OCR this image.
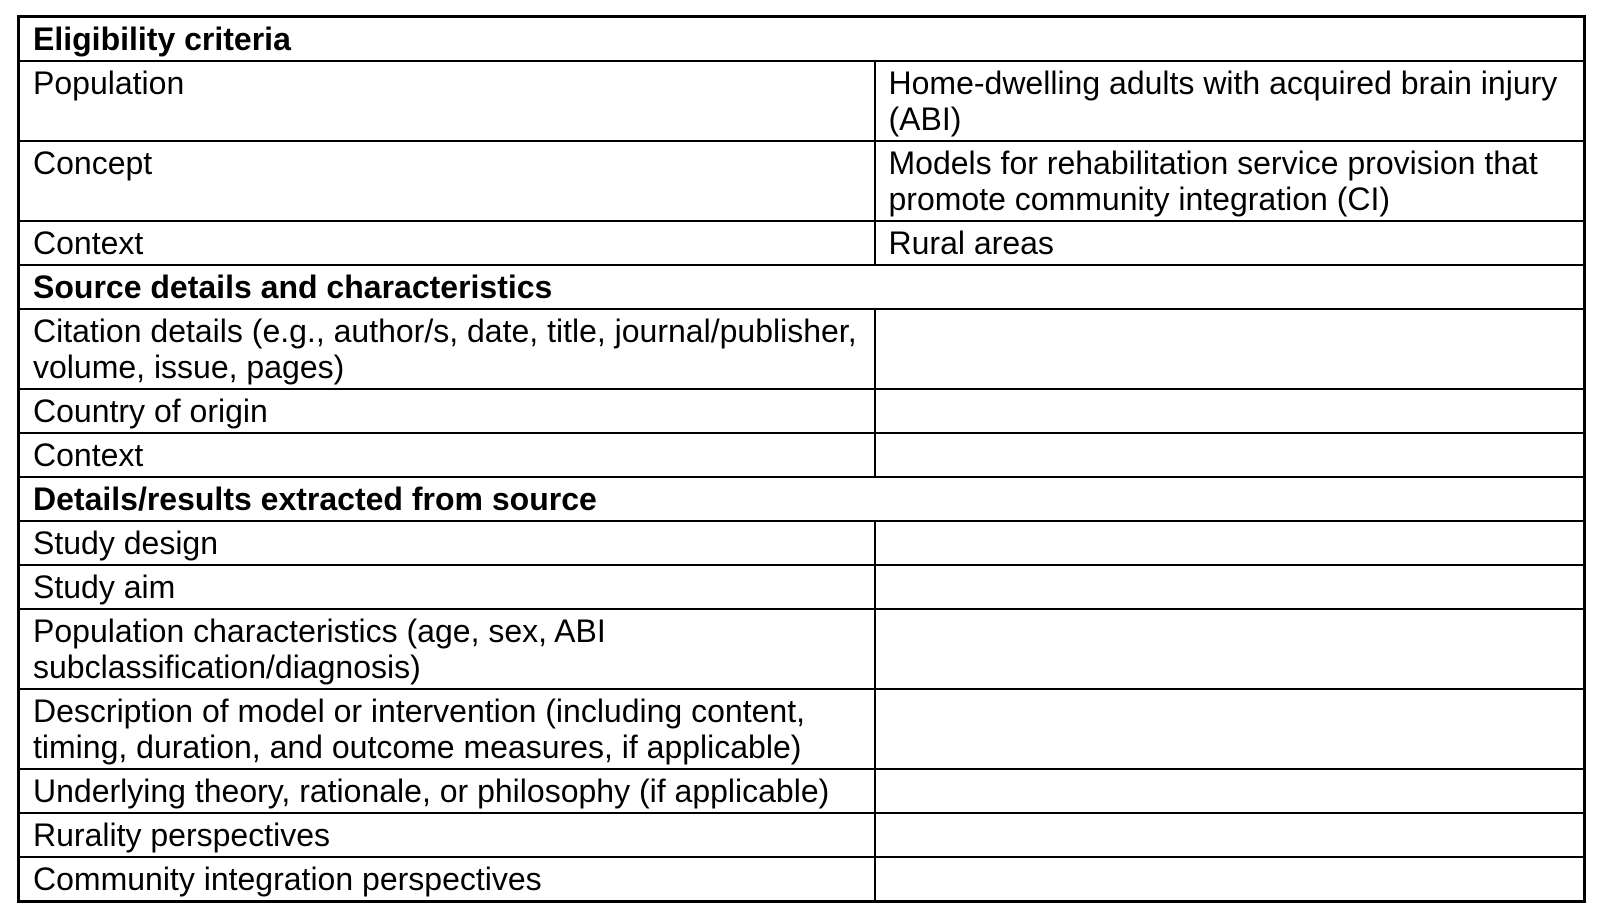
Eligibility criteria	
Population	Home-dwelling adults with acquired brain injury (ABI)
Concept	Models for rehabilitation service provision that promote community integration (CI)
Context	Rural areas
Source details and characteristics	
Citation details (e.g., author/s, date, title, journal/publisher, volume, issue, pages)	
Country of origin	
Context	
Details/results extracted from source	
Study design	
Study aim	
Population characteristics (age, sex, ABI subclassification/diagnosis)	
Description of model or intervention (including content, timing, duration, and outcome measures, if applicable)	
Underlying theory, rationale, or philosophy (if applicable)	
Rurality perspectives	
Community integration perspectives	
